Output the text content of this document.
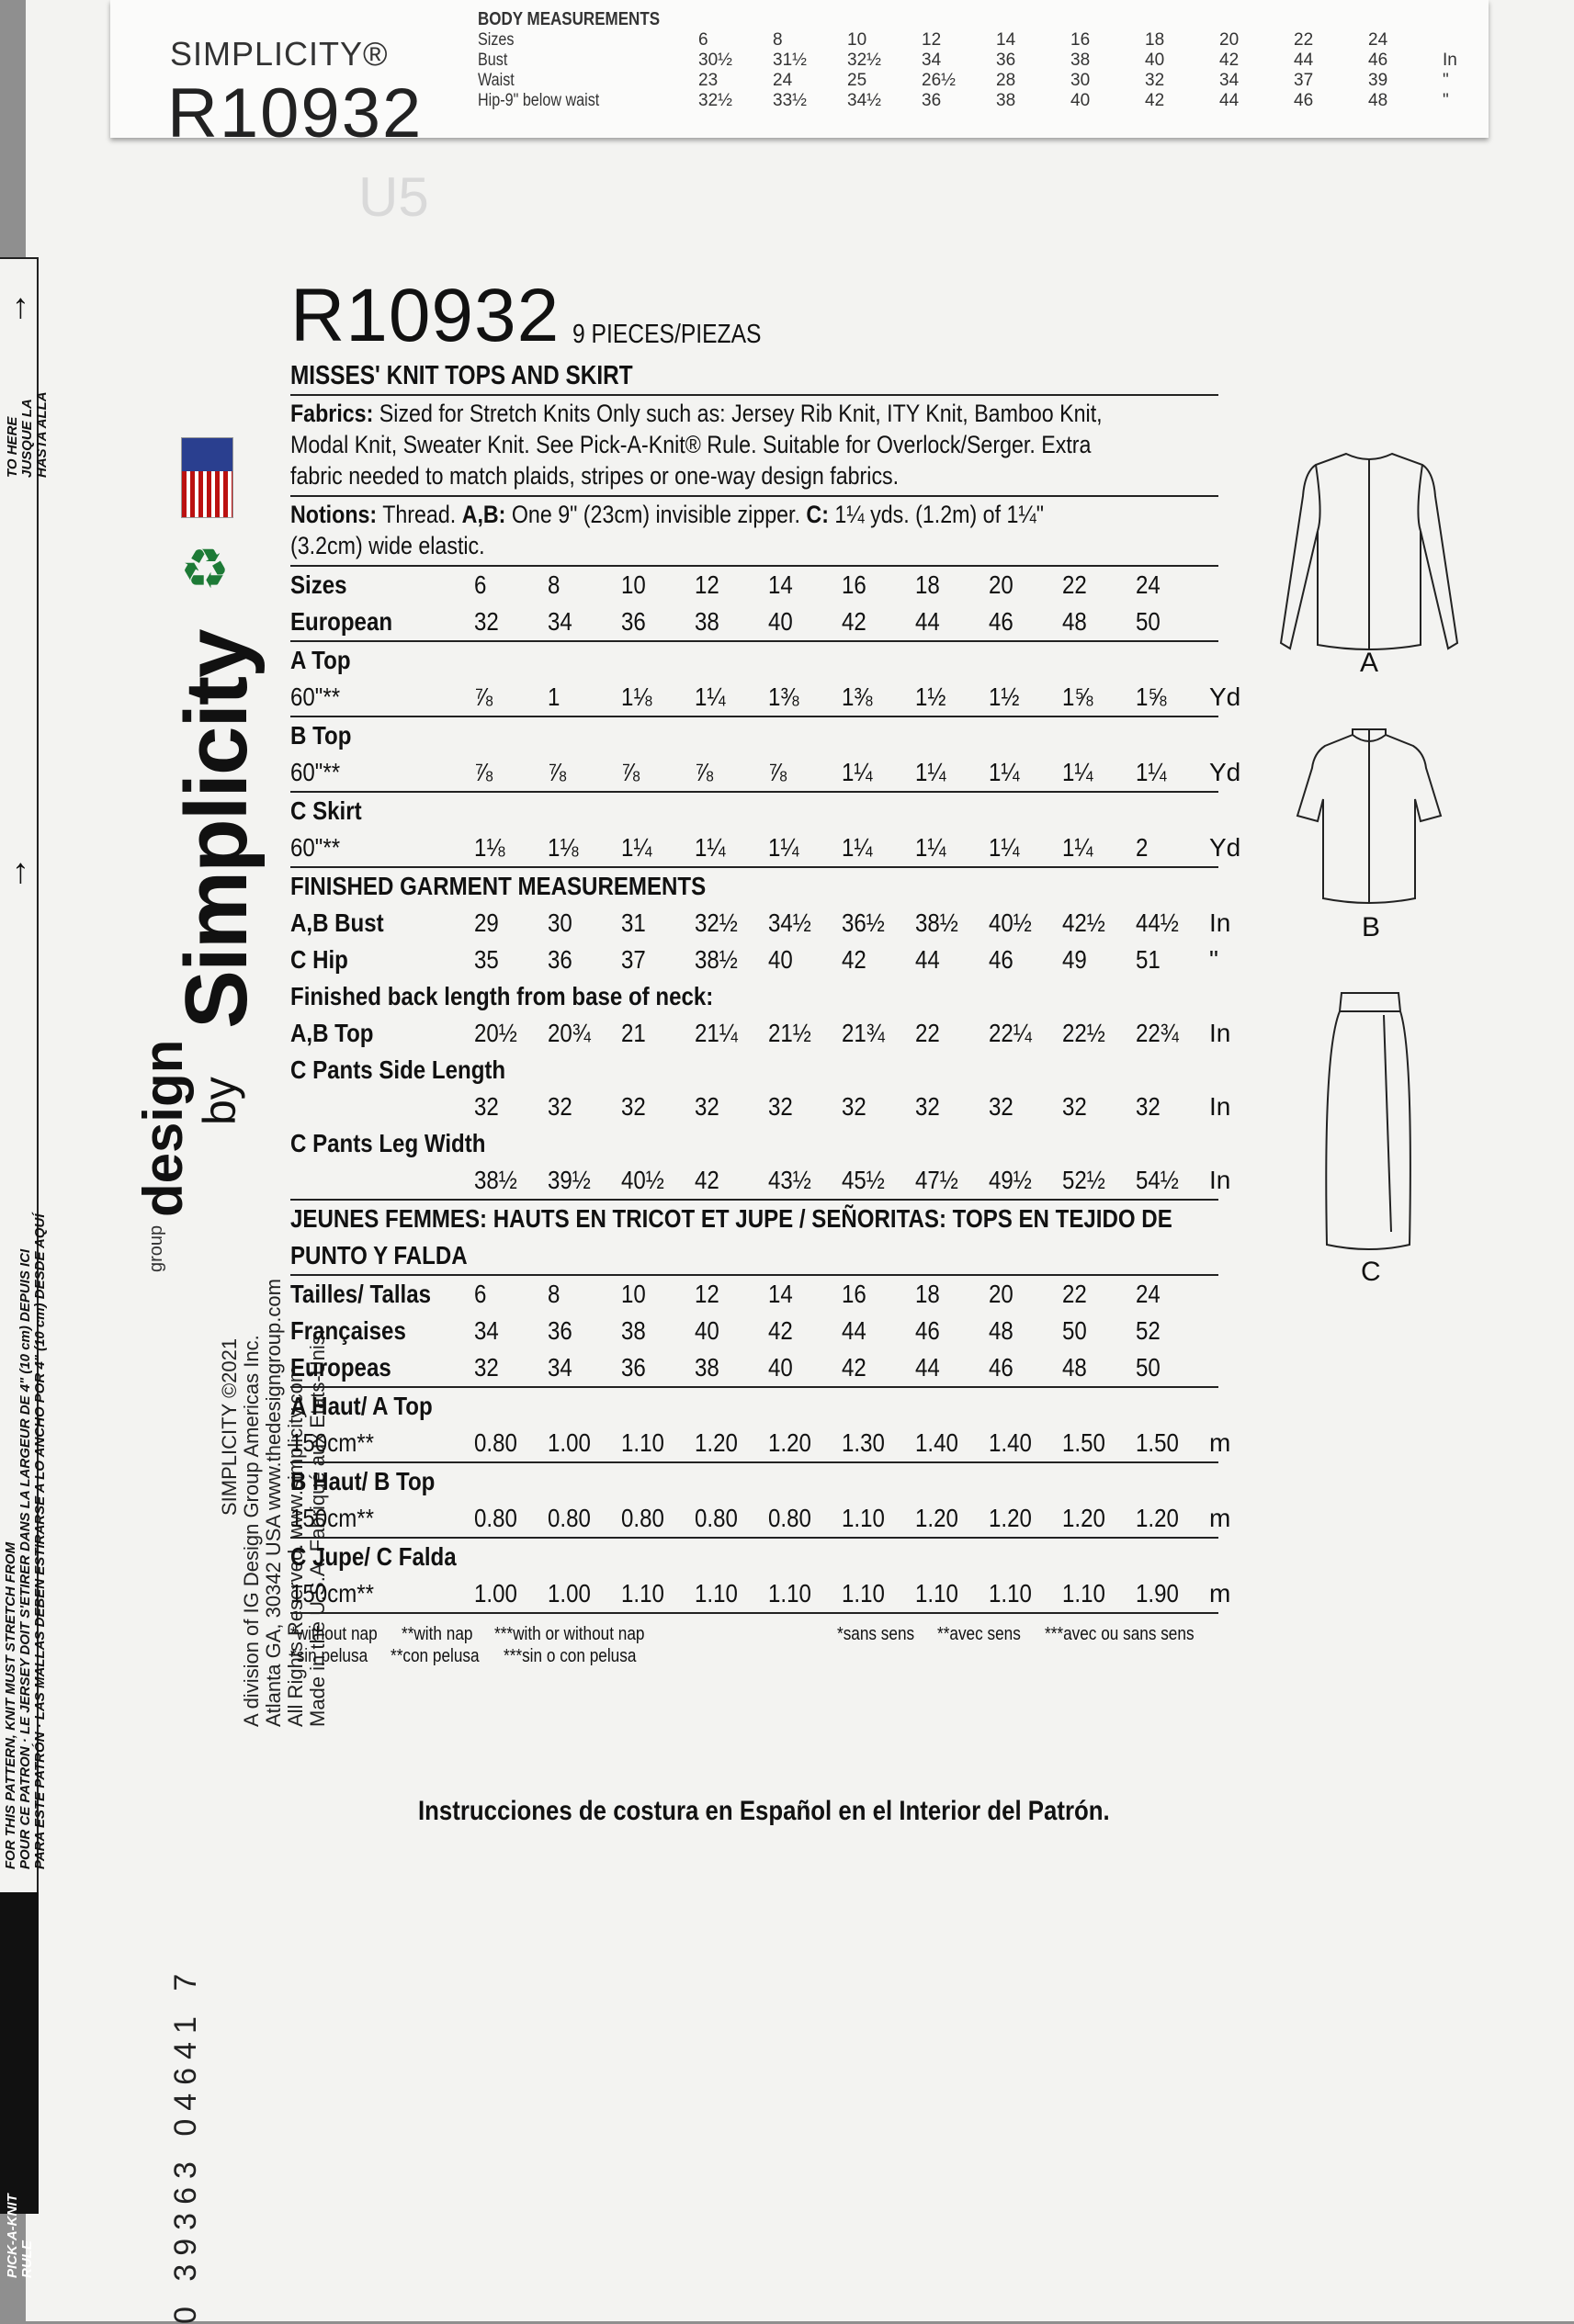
SIMPLICITY®
R10932
BODY MEASUREMENTS
Sizes	6	8	10	12	14	16	18	20	22	24
Bust	30½	31½	32½	34	36	38	40	42	44	46	In
Waist	23	24	25	26½	28	30	32	34	37	39	"
Hip-9" below waist	32½	33½	34½	36	38	40	42	44	46	48	"
U5
↑
↑
TO HERE JUSQUE LA HASTA ALLA
FOR THIS PATTERN, KNIT MUST STRETCH FROM POUR CE PATRON · LE JERSEY DOIT S'ETIRER DANS LA LARGEUR DE 4" (10 cm) DEPUIS ICI PARA ESTE PATRÓN · LAS MALLAS DEBEN ESTIRARSE A LO ANCHO POR 4" (10 cm) DESDE AQUÍ
PICK-A-KNIT RULE
♻
Simplicity
by
design
group
SIMPLICITY ©2021 A division of IG Design Group Americas Inc. Atlanta GA, 30342 USA www.thedesigngroup.com All Rights Reserved. www.simplicity.com Made in the U.S.A. Fabriqué aux Etats-Unis.
0 39363 04641 7
R10932 9 PIECES/PIEZAS
MISSES' KNIT TOPS AND SKIRT
Fabrics: Sized for Stretch Knits Only such as: Jersey Rib Knit, ITY Knit, Bamboo Knit,
Modal Knit, Sweater Knit. See Pick-A-Knit® Rule. Suitable for Overlock/Serger. Extra
fabric needed to match plaids, stripes or one-way design fabrics.
Notions: Thread. A,B: One 9" (23cm) invisible zipper. C: 1¼ yds. (1.2m) of 1¼"
(3.2cm) wide elastic.
Sizes	6	8	10	12	14	16	18	20	22	24
European	32	34	36	38	40	42	44	46	48	50
A Top
60"**	⅞	1	1⅛	1¼	1⅜	1⅜	1½	1½	1⅝	1⅝	Yd
B Top
60"**	⅞	⅞	⅞	⅞	⅞	1¼	1¼	1¼	1¼	1¼	Yd
C Skirt
60"**	1⅛	1⅛	1¼	1¼	1¼	1¼	1¼	1¼	1¼	2	Yd
FINISHED GARMENT MEASUREMENTS
A,B Bust	29	30	31	32½	34½	36½	38½	40½	42½	44½	In
C Hip	35	36	37	38½	40	42	44	46	49	51	"
Finished back length from base of neck:
A,B Top	20½	20¾	21	21¼	21½	21¾	22	22¼	22½	22¾	In
C Pants Side Length
32	32	32	32	32	32	32	32	32	32	In
C Pants Leg Width
38½	39½	40½	42	43½	45½	47½	49½	52½	54½	In
JEUNES FEMMES: HAUTS EN TRICOT ET JUPE / SEÑORITAS: TOPS EN TEJIDO DE
PUNTO Y FALDA
Tailles/ Tallas	6	8	10	12	14	16	18	20	22	24
Françaises	34	36	38	40	42	44	46	48	50	52
Europeas	32	34	36	38	40	42	44	46	48	50
A Haut/ A Top
150cm**	0.80	1.00	1.10	1.20	1.20	1.30	1.40	1.40	1.50	1.50	m
B Haut/ B Top
150cm**	0.80	0.80	0.80	0.80	0.80	1.10	1.20	1.20	1.20	1.20	m
C Jupe/ C Falda
150cm**	1.00	1.00	1.10	1.10	1.10	1.10	1.10	1.10	1.10	1.90	m
*without nap **with nap ***with or without nap
*sin pelusa **con pelusa ***sin o con pelusa
*sans sens **avec sens ***avec ou sans sens
Instrucciones de costura en Español en el Interior del Patrón.
A
B
C
